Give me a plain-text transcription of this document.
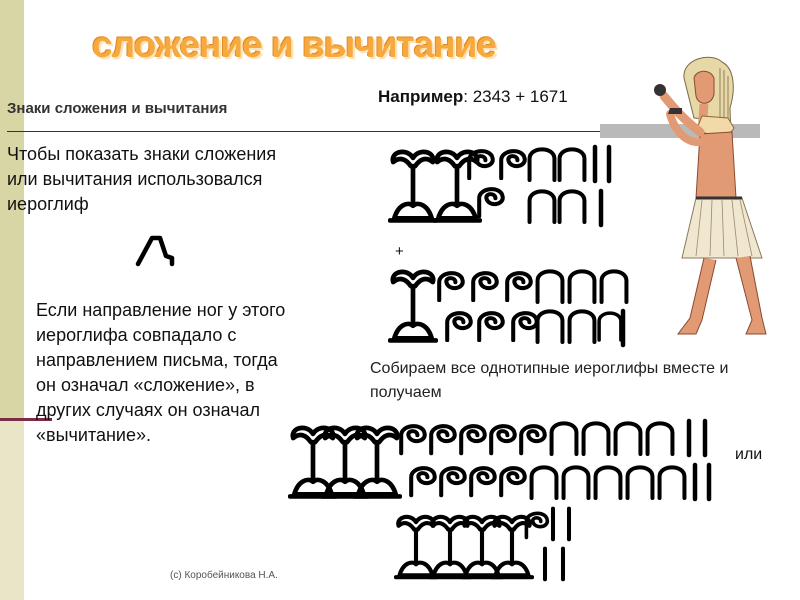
сложение и вычитание
Знаки сложения и вычитания
Например: 2343 + 1671
Чтобы показать знаки сложения или вычитания использовался иероглиф
Если направление ног у этого иероглифа совпадало с направлением письма, тогда он означал «сложение», в других случаях он означал «вычитание».
+
Собираем все однотипные иероглифы вместе и получаем
или
(c) Коробейникова Н.А.
